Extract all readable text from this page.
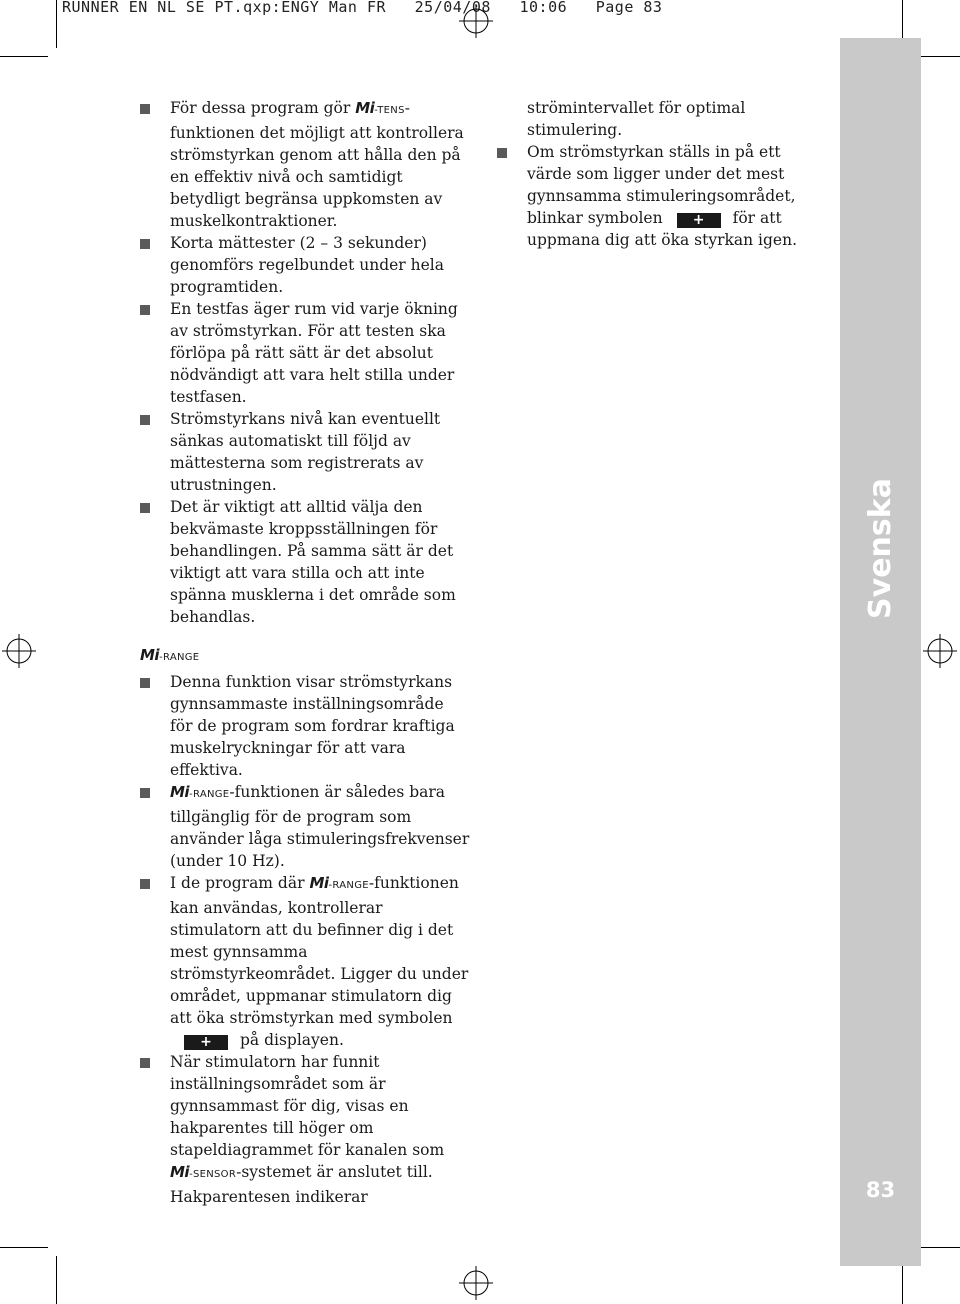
RUNNER EN NL SE PT.qxp:ENGY Man FR   25/04/08   10:06   Page 83
Svenska
83
För dessa program gör Mi-TENS- funktionen det möjligt att kontrollera strömstyrkan genom att hålla den på en effektiv nivå och samtidigt betydligt begränsa uppkomsten av muskelkontraktioner.
Korta mättester (2 – 3 sekunder) genomförs regelbundet under hela programtiden.
En testfas äger rum vid varje ökning av strömstyrkan. För att testen ska förlöpa på rätt sätt är det absolut nödvändigt att vara helt stilla under testfasen.
Strömstyrkans nivå kan eventuellt sänkas automatiskt till följd av mättesterna som registrerats av utrustningen.
Det är viktigt att alltid välja den bekvämaste kroppsställningen för behandlingen. På samma sätt är det viktigt att vara stilla och att inte spänna musklerna i det område som behandlas.
Mi-RANGE
Denna funktion visar strömstyrkans gynnsammaste inställningsområde för de program som fordrar kraftiga muskelryckningar för att vara effektiva.
Mi-RANGE-funktionen är således bara tillgänglig för de program som använder låga stimuleringsfrekvenser (under 10 Hz).
I de program där Mi-RANGE-funktionen kan användas, kontrollerar stimulatorn att du befinner dig i det mest gynnsamma strömstyrkeområdet. Ligger du under området, uppmanar stimulatorn dig att öka strömstyrkan med symbolen
+ på displayen.
När stimulatorn har funnit inställningsområdet som är gynnsammast för dig, visas en hakparentes till höger om stapeldiagrammet för kanalen som Mi-SENSOR-systemet är anslutet till. Hakparentesen indikerar
strömintervallet för optimal stimulering.
Om strömstyrkan ställs in på ett värde som ligger under det mest gynnsamma stimuleringsområdet, blinkar symbolen + för att uppmana dig att öka styrkan igen.
